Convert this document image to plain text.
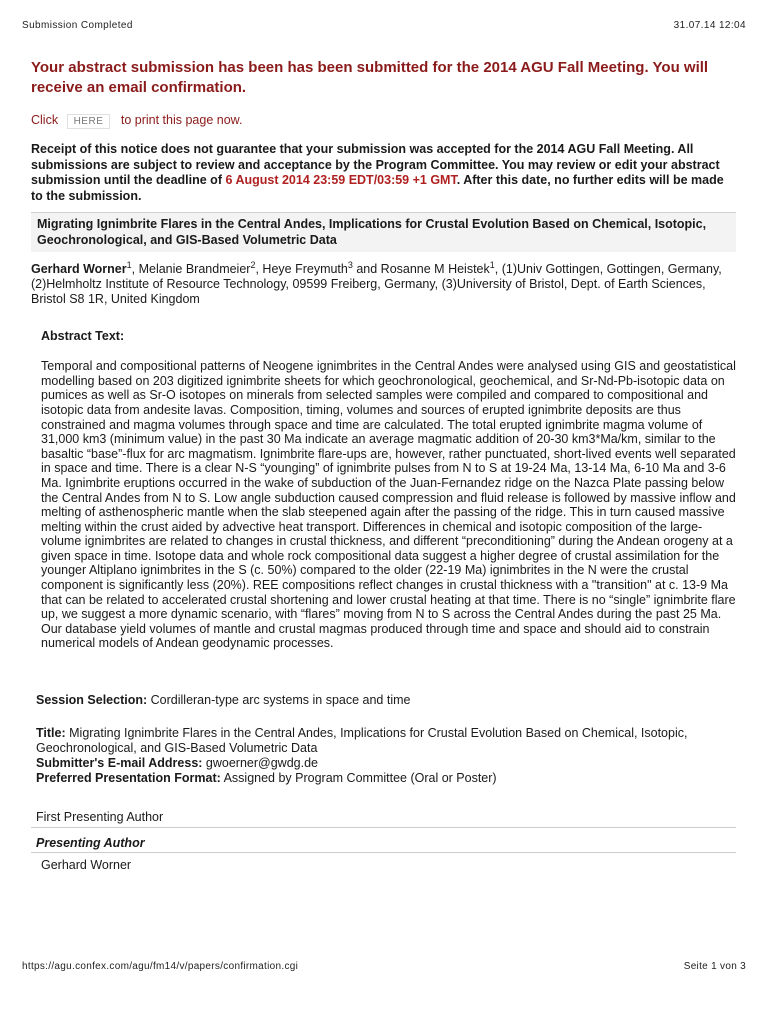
Submission Completed	31.07.14 12:04

Your abstract submission has been has been submitted for the 2014 AGU Fall Meeting. You will receive an email confirmation.

Click HERE to print this page now.
Receipt of this notice does not guarantee that your submission was accepted for the 2014 AGU Fall Meeting. All submissions are subject to review and acceptance by the Program Committee. You may review or edit your abstract submission until the deadline of 6 August 2014 23:59 EDT/03:59 +1 GMT. After this date, no further edits will be made to the submission.
Migrating Ignimbrite Flares in the Central Andes, Implications for Crustal Evolution Based on Chemical, Isotopic, Geochronological, and GIS-Based Volumetric Data
Gerhard Worner$^1$, Melanie Brandmeier$^2$, Heye Freymuth$^3$ and Rosanne M Heistek$^1$, (1)Univ Gottingen, Gottingen, Germany, (2)Helmholtz Institute of Resource Technology, 09599 Freiberg, Germany, (3)University of Bristol, Dept. of Earth Sciences, Bristol S8 1R, United Kingdom
Abstract Text:
Temporal and compositional patterns of Neogene ignimbrites in the Central Andes were analysed using GIS and geostatistical modelling based on 203 digitized ignimbrite sheets for which geochronological, geochemical, and Sr-Nd-Pb-isotopic data on pumices as well as Sr-O isotopes on minerals from selected samples were compiled and compared to compositional and isotopic data from andesite lavas. Composition, timing, volumes and sources of erupted ignimbrite deposits are thus constrained and magma volumes through space and time are calculated. The total erupted ignimbrite magma volume of 31,000 km3 (minimum value) in the past 30 Ma indicate an average magmatic addition of 20-30 km3*Ma/km, similar to the basaltic “base”-flux for arc magmatism. Ignimbrite flare-ups are, however, rather punctuated, short-lived events well separated in space and time. There is a clear N-S “younging” of ignimbrite pulses from N to S at 19-24 Ma, 13-14 Ma, 6-10 Ma and 3-6 Ma. Ignimbrite eruptions occurred in the wake of subduction of the Juan-Fernandez ridge on the Nazca Plate passing below the Central Andes from N to S. Low angle subduction caused compression and fluid release is followed by massive inflow and melting of asthenospheric mantle when the slab steepened again after the passing of the ridge. This in turn caused massive melting within the crust aided by advective heat transport. Differences in chemical and isotopic composition of the large-volume ignimbrites are related to changes in crustal thickness, and different “preconditioning” during the Andean orogeny at a given space in time. Isotope data and whole rock compositional data suggest a higher degree of crustal assimilation for the younger Altiplano ignimbrites in the S (c. 50%) compared to the older (22-19 Ma) ignimbrites in the N were the crustal component is significantly less (20%). REE compositions reflect changes in crustal thickness with a "transition" at c. 13-9 Ma that can be related to accelerated crustal shortening and lower crustal heating at that time. There is no “single” ignimbrite flare up, we suggest a more dynamic scenario, with “flares” moving from N to S across the Central Andes during the past 25 Ma. Our database yield volumes of mantle and crustal magmas produced through time and space and should aid to constrain numerical models of Andean geodynamic processes.
Session Selection: Cordilleran-type arc systems in space and time
Title: Migrating Ignimbrite Flares in the Central Andes, Implications for Crustal Evolution Based on Chemical, Isotopic, Geochronological, and GIS-Based Volumetric Data
Submitter's E-mail Address: gwoerner@gwdg.de
Preferred Presentation Format: Assigned by Program Committee (Oral or Poster)
First Presenting Author
Presenting Author
Gerhard Worner
https://agu.confex.com/agu/fm14/v/papers/confirmation.cgi	Seite 1 von 3
